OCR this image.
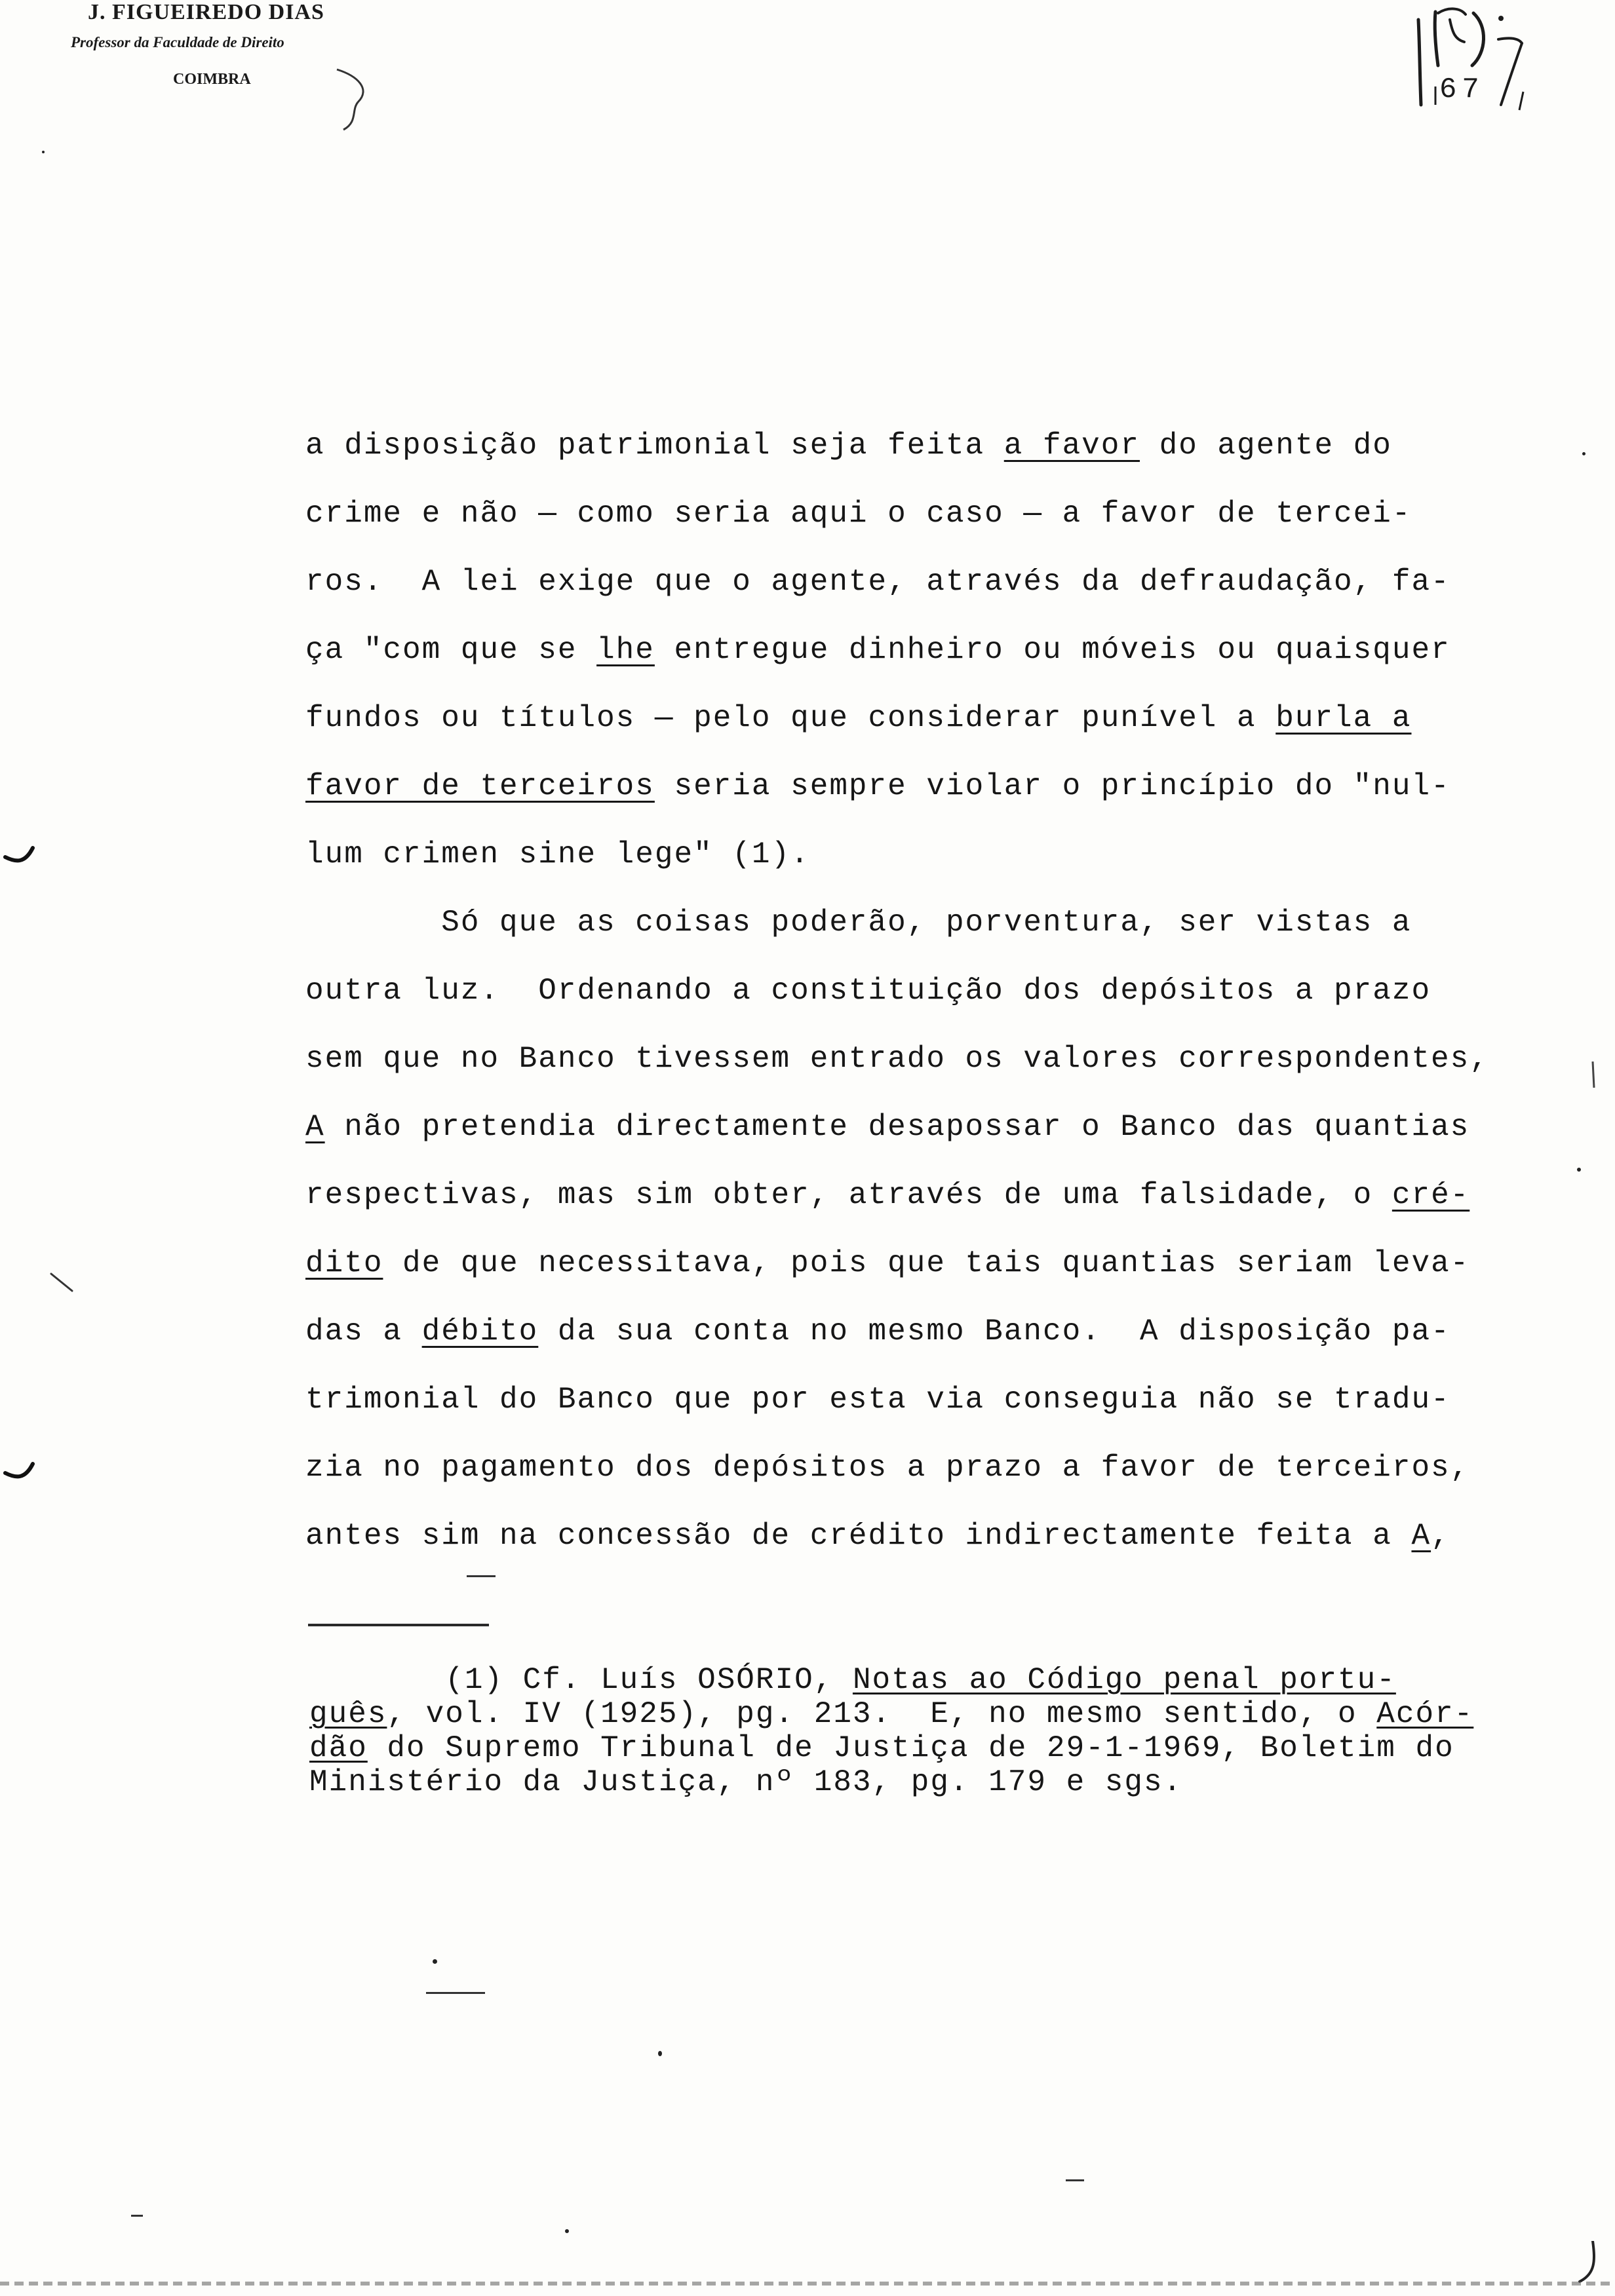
J. FIGUEIREDO DIAS
Professor da Faculdade de Direito
COIMBRA	67
a disposição patrimonial seja feita a favor do agente do
crime e não — como seria aqui o caso — a favor de tercei-
ros.  A lei exige que o agente, através da defraudação, fa-
ça "com que se lhe entregue dinheiro ou móveis ou quaisquer
fundos ou títulos — pelo que considerar punível a burla a
favor de terceiros seria sempre violar o princípio do "nul-
lum crimen sine lege" (1).
Só que as coisas poderão, porventura, ser vistas a
outra luz.  Ordenando a constituição dos depósitos a prazo
sem que no Banco tivessem entrado os valores correspondentes,
A não pretendia directamente desapossar o Banco das quantias
respectivas, mas sim obter, através de uma falsidade, o cré-
dito de que necessitava, pois que tais quantias seriam leva-
das a débito da sua conta no mesmo Banco.  A disposição pa-
trimonial do Banco que por esta via conseguia não se tradu-
zia no pagamento dos depósitos a prazo a favor de terceiros,
antes sim na concessão de crédito indirectamente feita a A,
(1) Cf. Luís OSÓRIO, Notas ao Código penal portu-
guês, vol. IV (1925), pg. 213.  E, no mesmo sentido, o Acór-
dão do Supremo Tribunal de Justiça de 29-1-1969, Boletim do
Ministério da Justiça, nº 183, pg. 179 e sgs.
